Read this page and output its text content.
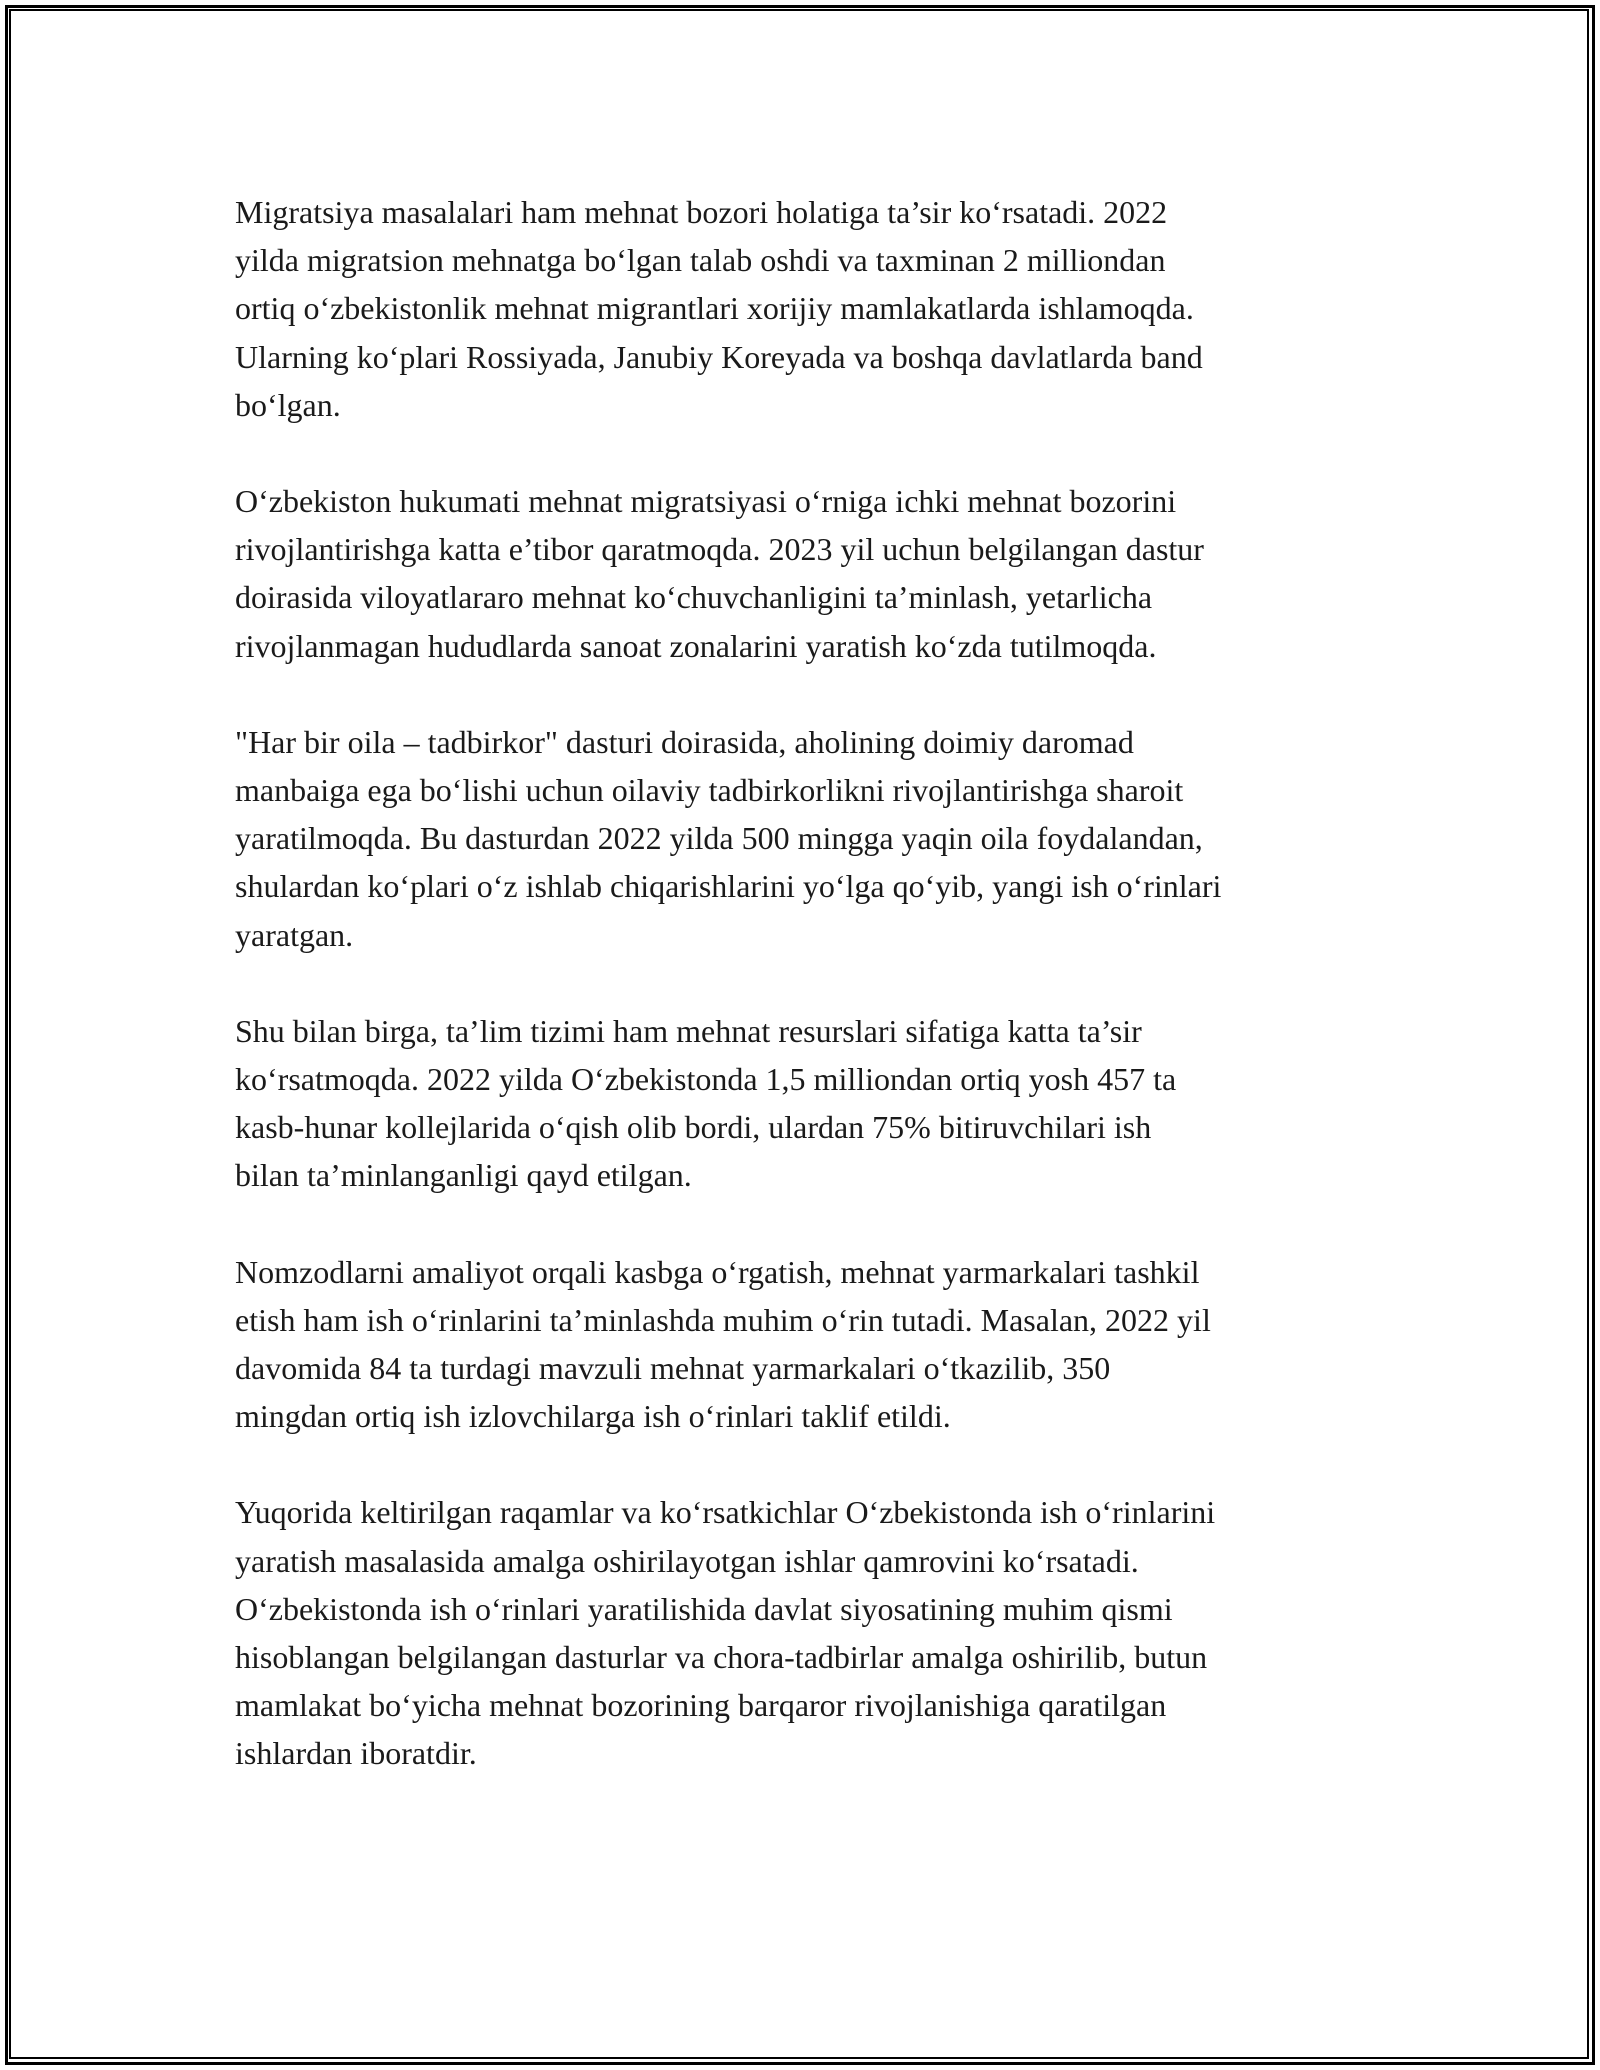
Migratsiya masalalari ham mehnat bozori holatiga ta’sir ko‘rsatadi. 2022
yilda migratsion mehnatga bo‘lgan talab oshdi va taxminan 2 milliondan
ortiq o‘zbekistonlik mehnat migrantlari xorijiy mamlakatlarda ishlamoqda.
Ularning ko‘plari Rossiyada, Janubiy Koreyada va boshqa davlatlarda band
bo‘lgan.

O‘zbekiston hukumati mehnat migratsiyasi o‘rniga ichki mehnat bozorini
rivojlantirishga katta e’tibor qaratmoqda. 2023 yil uchun belgilangan dastur
doirasida viloyatlararo mehnat ko‘chuvchanligini ta’minlash, yetarlicha
rivojlanmagan hududlarda sanoat zonalarini yaratish ko‘zda tutilmoqda.

"Har bir oila – tadbirkor" dasturi doirasida, aholining doimiy daromad
manbaiga ega bo‘lishi uchun oilaviy tadbirkorlikni rivojlantirishga sharoit
yaratilmoqda. Bu dasturdan 2022 yilda 500 mingga yaqin oila foydalandan,
shulardan ko‘plari o‘z ishlab chiqarishlarini yo‘lga qo‘yib, yangi ish o‘rinlari
yaratgan.

Shu bilan birga, ta’lim tizimi ham mehnat resurslari sifatiga katta ta’sir
ko‘rsatmoqda. 2022 yilda O‘zbekistonda 1,5 milliondan ortiq yosh 457 ta
kasb-hunar kollejlarida o‘qish olib bordi, ulardan 75% bitiruvchilari ish
bilan ta’minlanganligi qayd etilgan.

Nomzodlarni amaliyot orqali kasbga o‘rgatish, mehnat yarmarkalari tashkil
etish ham ish o‘rinlarini ta’minlashda muhim o‘rin tutadi. Masalan, 2022 yil
davomida 84 ta turdagi mavzuli mehnat yarmarkalari o‘tkazilib, 350
mingdan ortiq ish izlovchilarga ish o‘rinlari taklif etildi.

Yuqorida keltirilgan raqamlar va ko‘rsatkichlar O‘zbekistonda ish o‘rinlarini
yaratish masalasida amalga oshirilayotgan ishlar qamrovini ko‘rsatadi.
O‘zbekistonda ish o‘rinlari yaratilishida davlat siyosatining muhim qismi
hisoblangan belgilangan dasturlar va chora-tadbirlar amalga oshirilib, butun
mamlakat bo‘yicha mehnat bozorining barqaror rivojlanishiga qaratilgan
ishlardan iboratdir.
